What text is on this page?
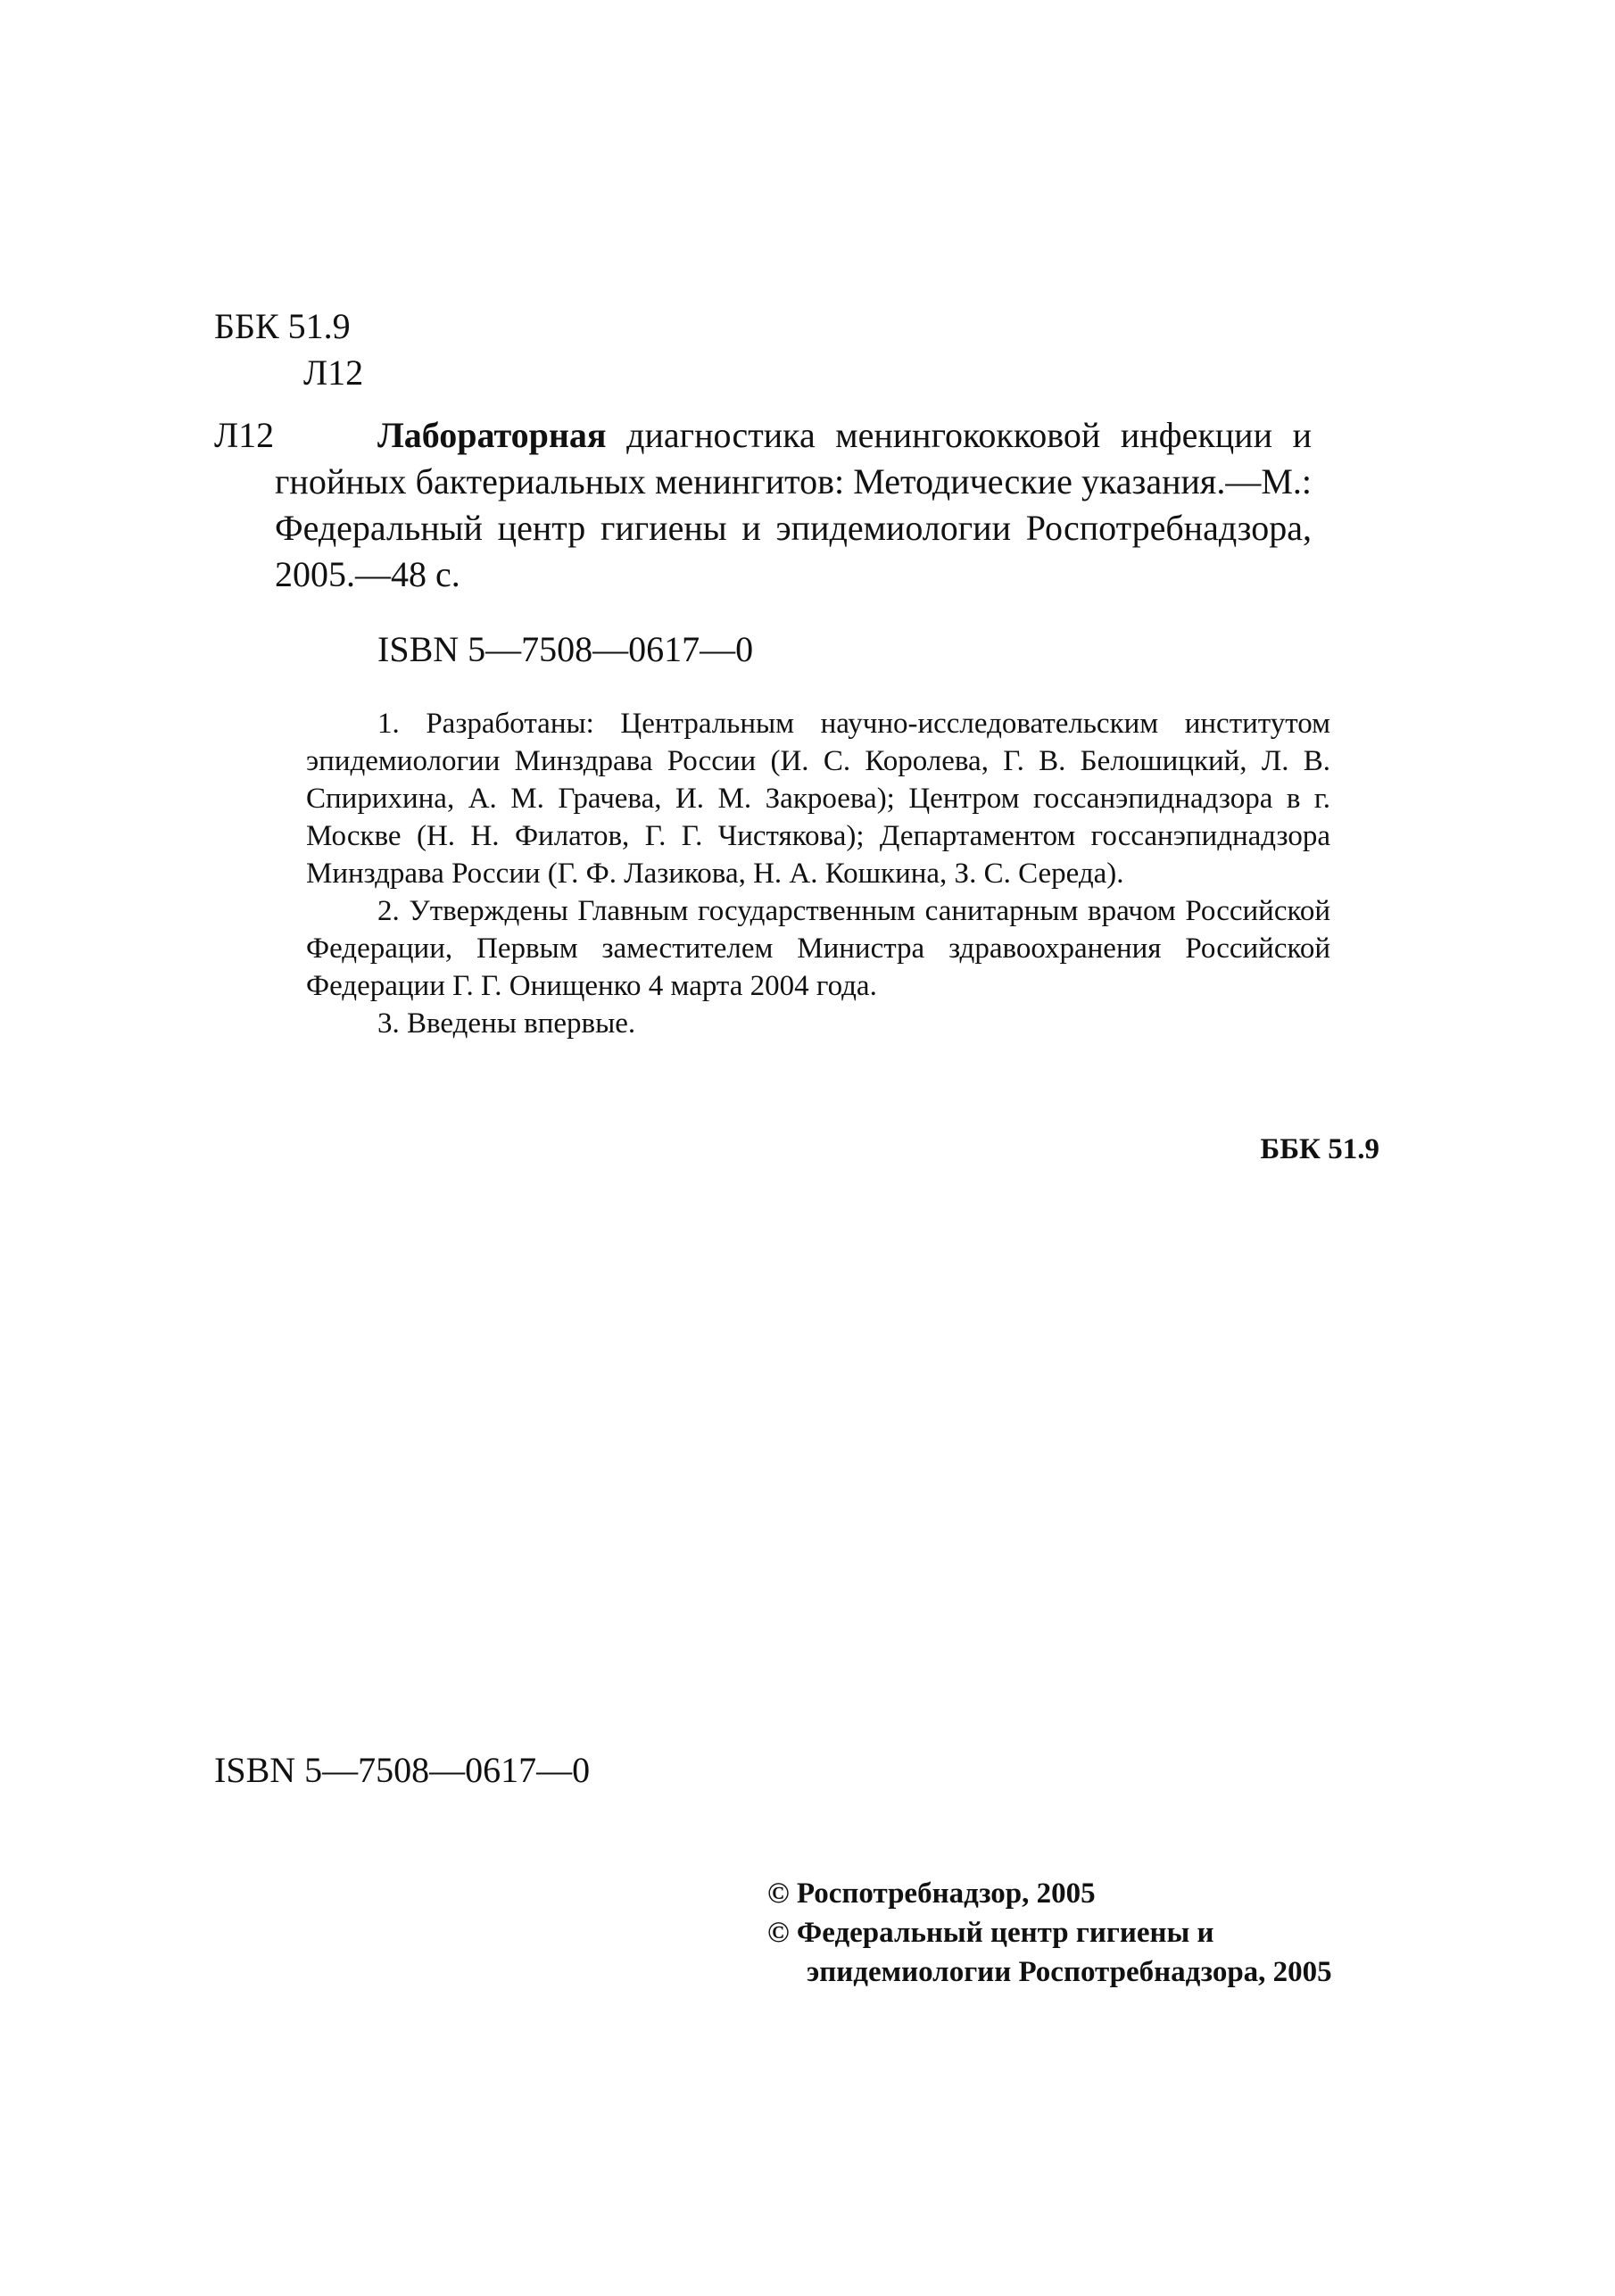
ББК 51.9
Л12
Л12	Лабораторная диагностика менингококковой инфекции и гнойных бактериальных менингитов: Методические указания.—М.: Федеральный центр гигиены и эпидемиологии Роспотребнадзора, 2005.—48 с.
ISBN 5—7508—0617—0

1. Разработаны: Центральным научно-исследовательским институтом эпидемиологии Минздрава России (И. С. Королева, Г. В. Белошицкий, Л. В. Спирихина, А. М. Грачева, И. М. Закроева); Центром госсанэпиднадзора в г. Москве (Н. Н. Филатов, Г. Г. Чистякова); Департаментом госсанэпиднадзора Минздрава России (Г. Ф. Лазикова, Н. А. Кошкина, З. С. Середа).

2. Утверждены Главным государственным санитарным врачом Российской Федерации, Первым заместителем Министра здравоохранения Российской Федерации Г. Г. Онищенко 4 марта 2004 года.

3. Введены впервые.

ББК 51.9
ISBN 5—7508—0617—0
© Роспотребнадзор, 2005
© Федеральный центр гигиены и
эпидемиологии Роспотребнадзора, 2005
